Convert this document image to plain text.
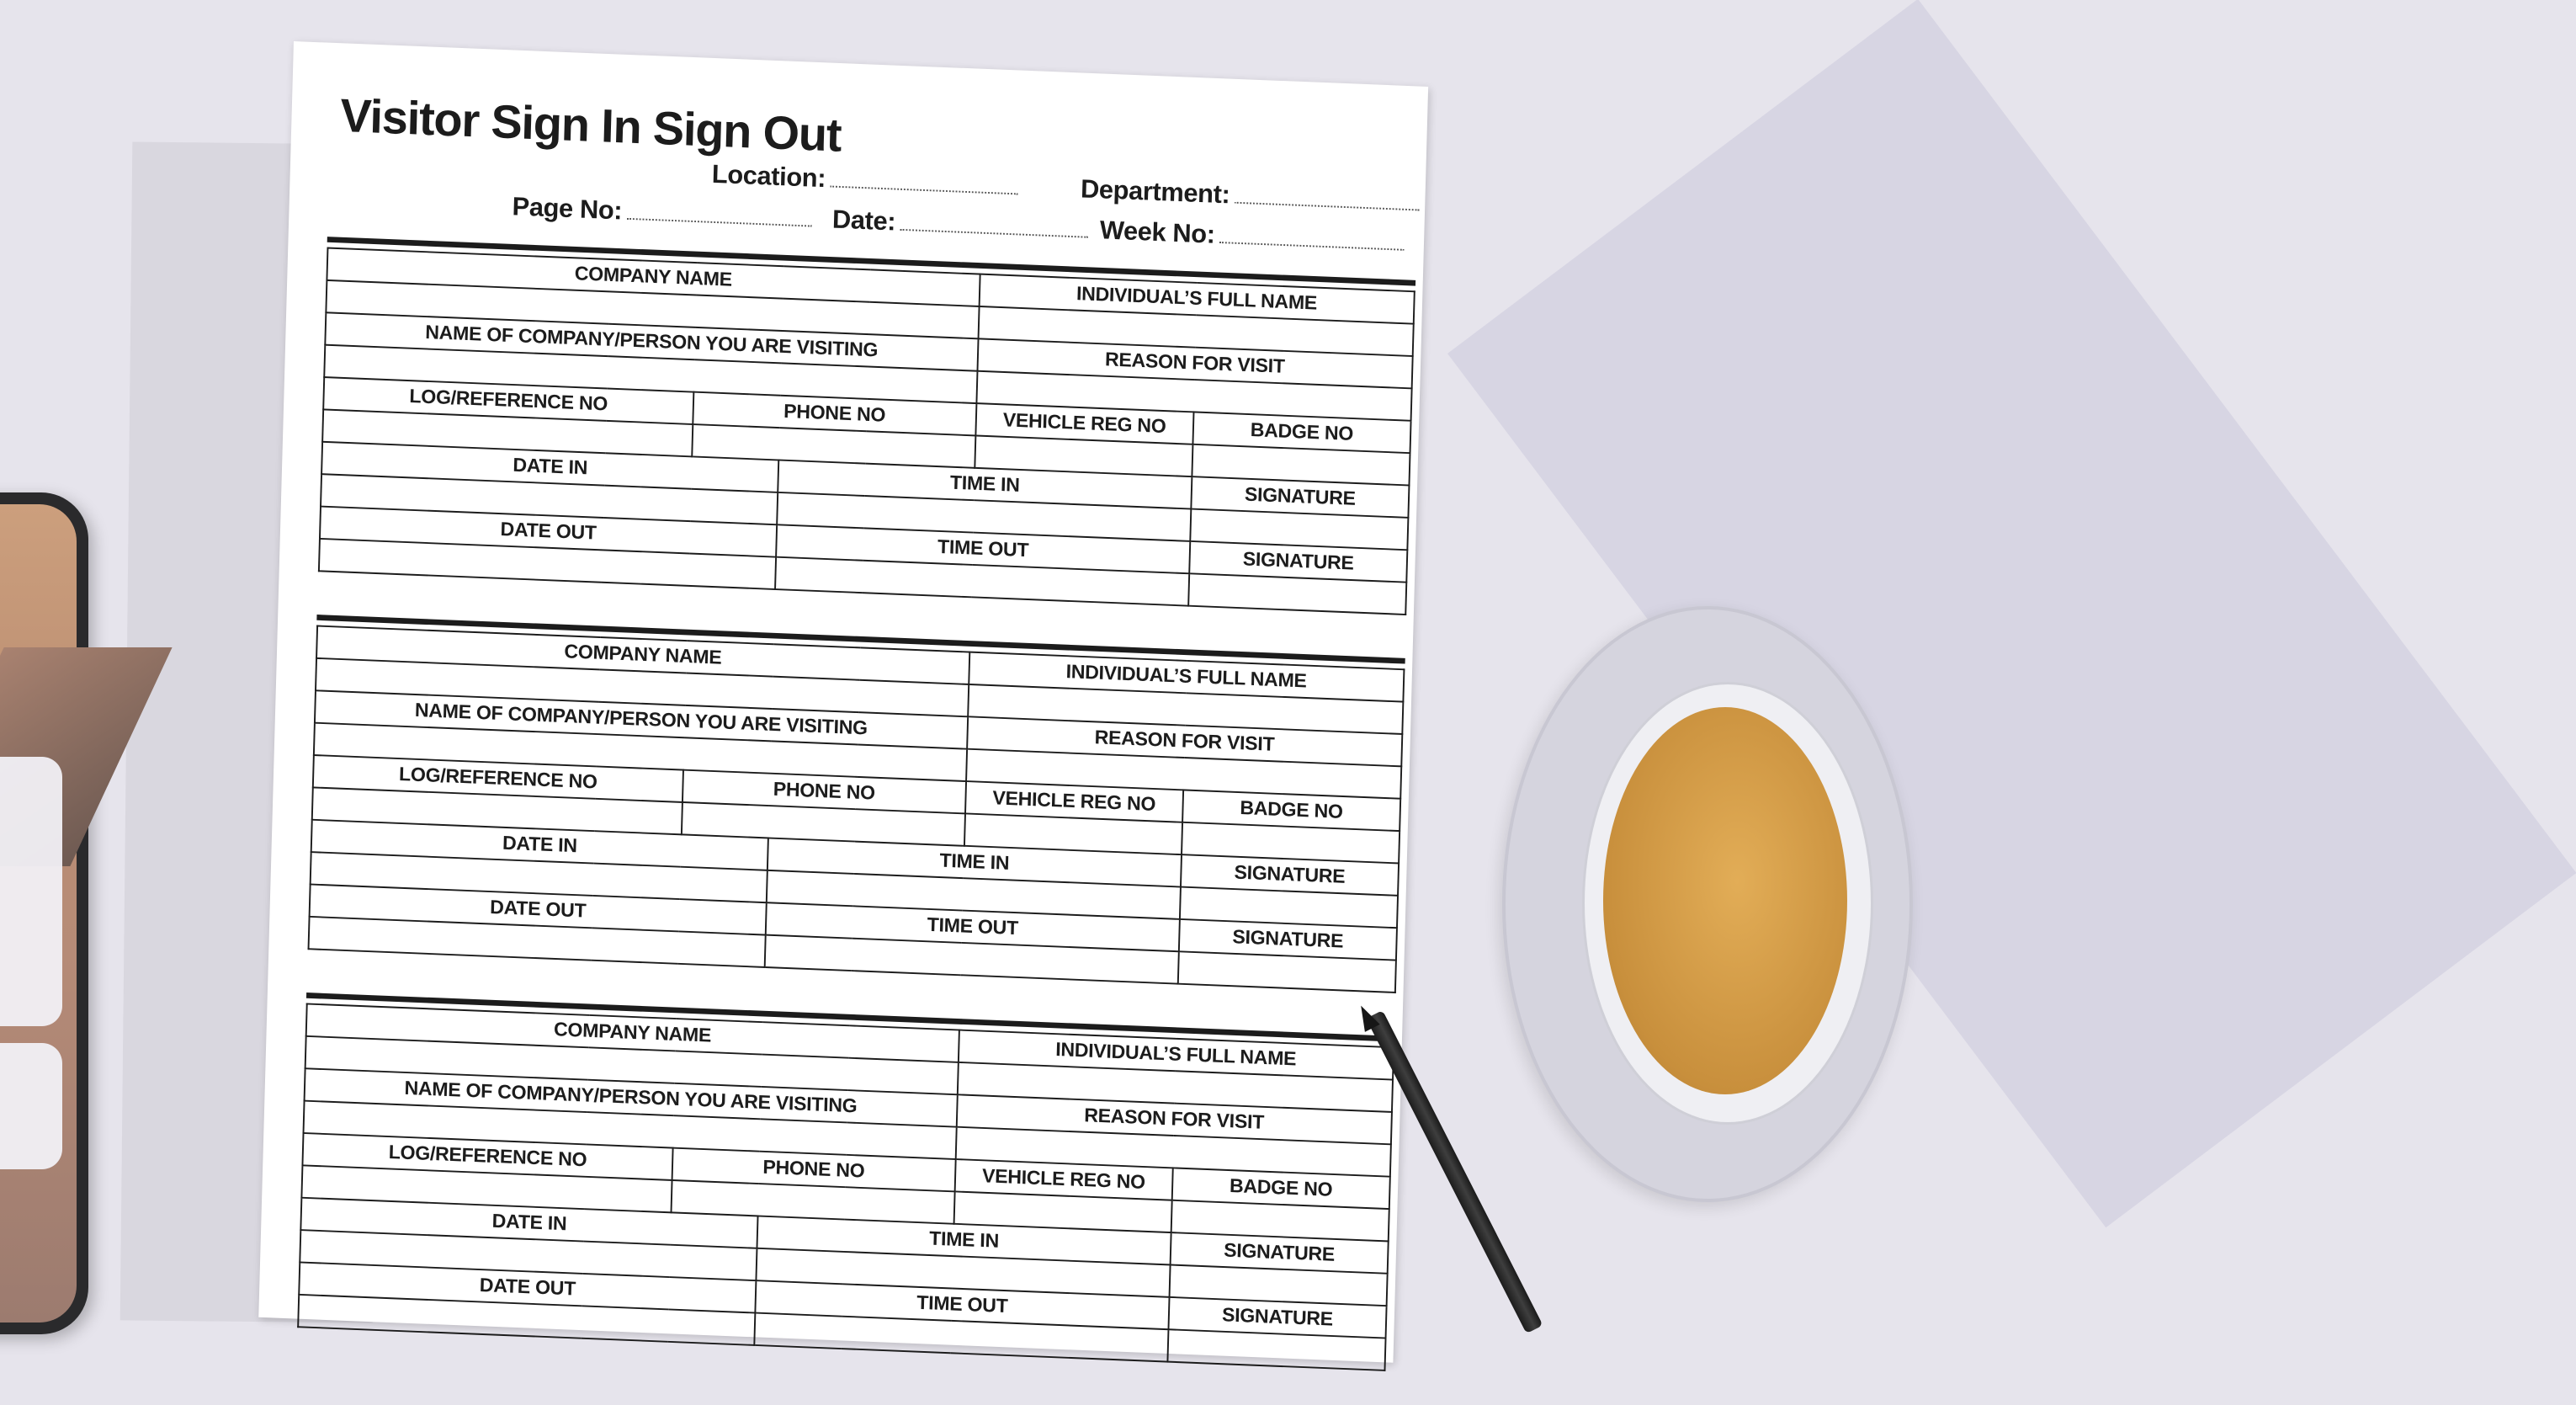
Visitor Sign In Sign Out
Location:	Department:
Page No:	Date:	Week No:
COMPANY NAME			INDIVIDUAL’S FULL NAME	

NAME OF COMPANY/PERSON YOU ARE VISITING			REASON FOR VISIT	

LOG/REFERENCE NO	PHONE NO		VEHICLE REG NO	BADGE NO

DATE IN		TIME IN		SIGNATURE

DATE OUT		TIME OUT		SIGNATURE

COMPANY NAME			INDIVIDUAL’S FULL NAME	

NAME OF COMPANY/PERSON YOU ARE VISITING			REASON FOR VISIT	

LOG/REFERENCE NO	PHONE NO		VEHICLE REG NO	BADGE NO

DATE IN		TIME IN		SIGNATURE

DATE OUT		TIME OUT		SIGNATURE

COMPANY NAME			INDIVIDUAL’S FULL NAME	

NAME OF COMPANY/PERSON YOU ARE VISITING			REASON FOR VISIT	

LOG/REFERENCE NO	PHONE NO		VEHICLE REG NO	BADGE NO

DATE IN		TIME IN		SIGNATURE

DATE OUT		TIME OUT		SIGNATURE
